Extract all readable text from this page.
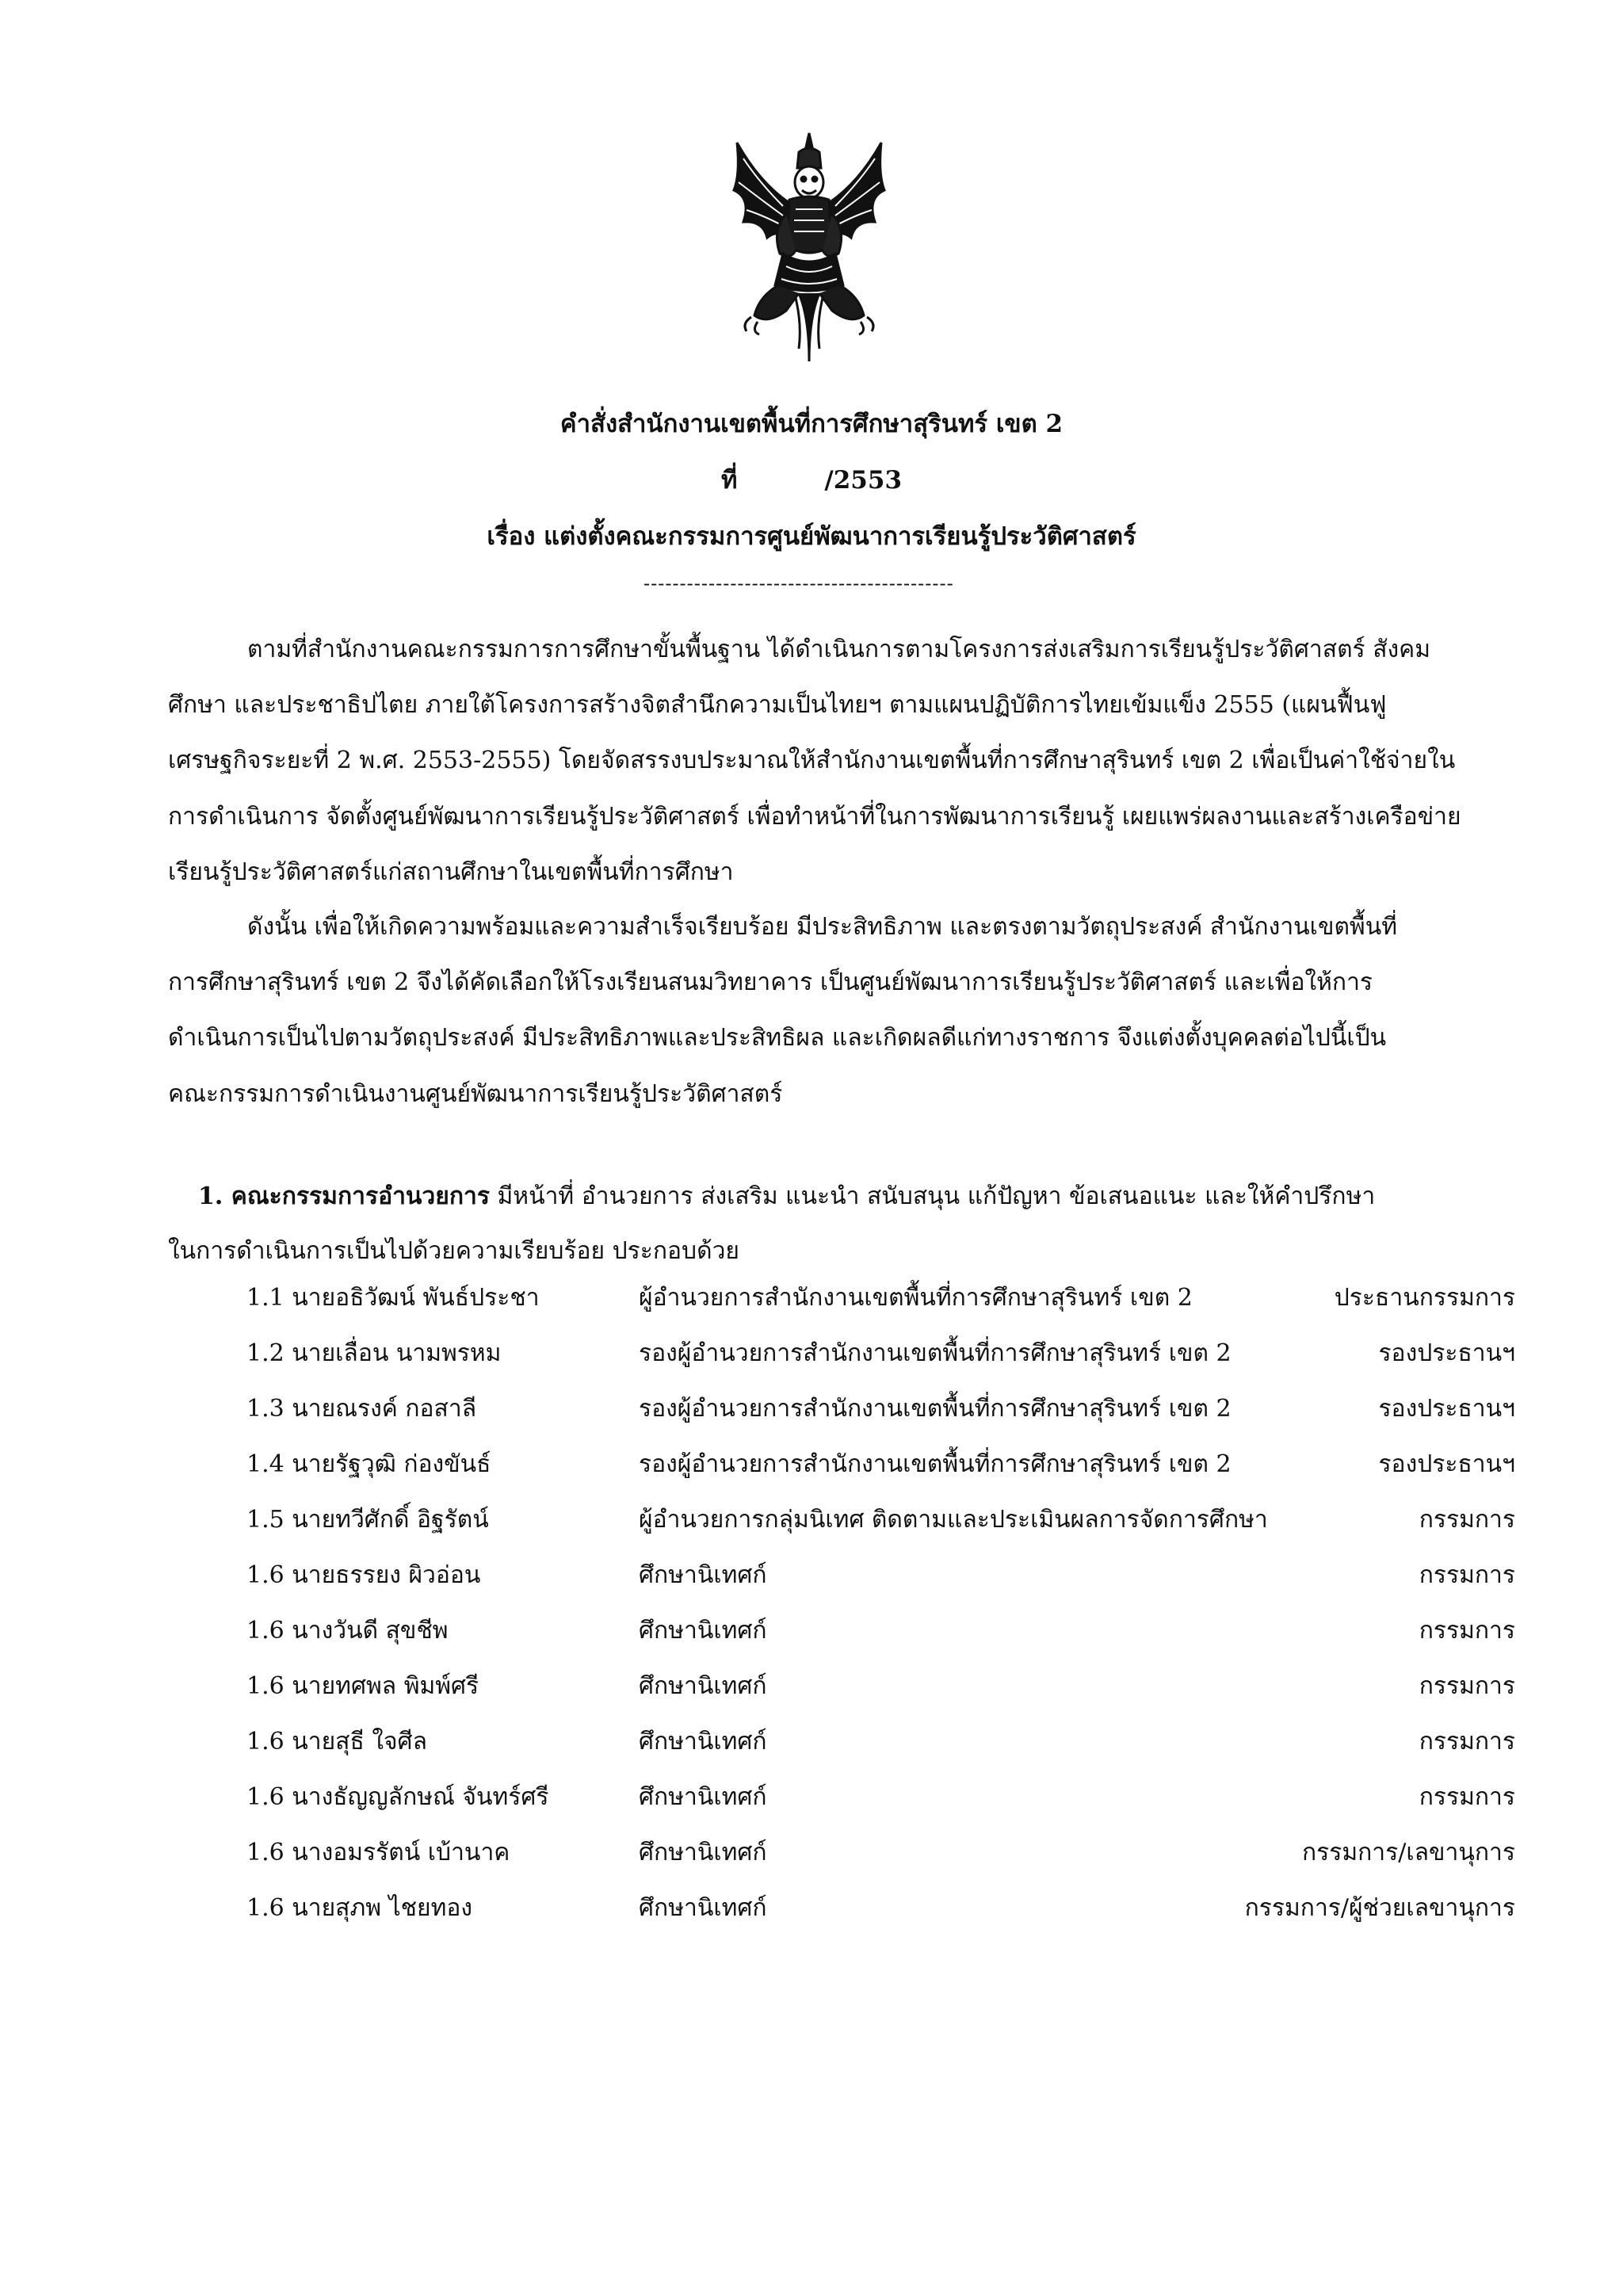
คำสั่งสำนักงานเขตพื้นที่การศึกษาสุรินทร์ เขต 2
ที่	/2553
เรื่อง แต่งตั้งคณะกรรมการศูนย์พัฒนาการเรียนรู้ประวัติศาสตร์
-------------------------------------------
ตามที่สำนักงานคณะกรรมการการศึกษาขั้นพื้นฐาน ได้ดำเนินการตามโครงการส่งเสริมการเรียนรู้ประวัติศาสตร์ สังคม
ศึกษา และประชาธิปไตย ภายใต้โครงการสร้างจิตสำนึกความเป็นไทยฯ ตามแผนปฏิบัติการไทยเข้มแข็ง 2555 (แผนฟื้นฟู
เศรษฐกิจระยะที่ 2 พ.ศ. 2553-2555) โดยจัดสรรงบประมาณให้สำนักงานเขตพื้นที่การศึกษาสุรินทร์ เขต 2 เพื่อเป็นค่าใช้จ่ายใน
การดำเนินการ จัดตั้งศูนย์พัฒนาการเรียนรู้ประวัติศาสตร์ เพื่อทำหน้าที่ในการพัฒนาการเรียนรู้ เผยแพร่ผลงานและสร้างเครือข่าย
เรียนรู้ประวัติศาสตร์แก่สถานศึกษาในเขตพื้นที่การศึกษา
ดังนั้น เพื่อให้เกิดความพร้อมและความสำเร็จเรียบร้อย มีประสิทธิภาพ และตรงตามวัตถุประสงค์ สำนักงานเขตพื้นที่
การศึกษาสุรินทร์ เขต 2 จึงได้คัดเลือกให้โรงเรียนสนมวิทยาคาร เป็นศูนย์พัฒนาการเรียนรู้ประวัติศาสตร์ และเพื่อให้การ
ดำเนินการเป็นไปตามวัตถุประสงค์ มีประสิทธิภาพและประสิทธิผล และเกิดผลดีแก่ทางราชการ จึงแต่งตั้งบุคคลต่อไปนี้เป็น
คณะกรรมการดำเนินงานศูนย์พัฒนาการเรียนรู้ประวัติศาสตร์
1. คณะกรรมการอำนวยการ มีหน้าที่ อำนวยการ ส่งเสริม แนะนำ สนับสนุน แก้ปัญหา ข้อเสนอแนะ และให้คำปรึกษา
ในการดำเนินการเป็นไปด้วยความเรียบร้อย ประกอบด้วย
1.1 นายอธิวัฒน์ พันธ์ประชา	ผู้อำนวยการสำนักงานเขตพื้นที่การศึกษาสุรินทร์ เขต 2	ประธานกรรมการ
1.2 นายเลื่อน นามพรหม	รองผู้อำนวยการสำนักงานเขตพื้นที่การศึกษาสุรินทร์ เขต 2	รองประธานฯ
1.3 นายณรงค์ กอสาลี	รองผู้อำนวยการสำนักงานเขตพื้นที่การศึกษาสุรินทร์ เขต 2	รองประธานฯ
1.4 นายรัฐวุฒิ ก่องขันธ์	รองผู้อำนวยการสำนักงานเขตพื้นที่การศึกษาสุรินทร์ เขต 2	รองประธานฯ
1.5 นายทวีศักดิ์ อิฐรัตน์	ผู้อำนวยการกลุ่มนิเทศ ติดตามและประเมินผลการจัดการศึกษา	กรรมการ
1.6 นายธรรยง ผิวอ่อน	ศึกษานิเทศก์	กรรมการ
1.6 นางวันดี สุขชีพ	ศึกษานิเทศก์	กรรมการ
1.6 นายทศพล พิมพ์ศรี	ศึกษานิเทศก์	กรรมการ
1.6 นายสุธี ใจศีล	ศึกษานิเทศก์	กรรมการ
1.6 นางธัญญลักษณ์ จันทร์ศรี	ศึกษานิเทศก์	กรรมการ
1.6 นางอมรรัตน์ เบ้านาค	ศึกษานิเทศก์	กรรมการ/เลขานุการ
1.6 นายสุภพ ไชยทอง	ศึกษานิเทศก์	กรรมการ/ผู้ช่วยเลขานุการ
